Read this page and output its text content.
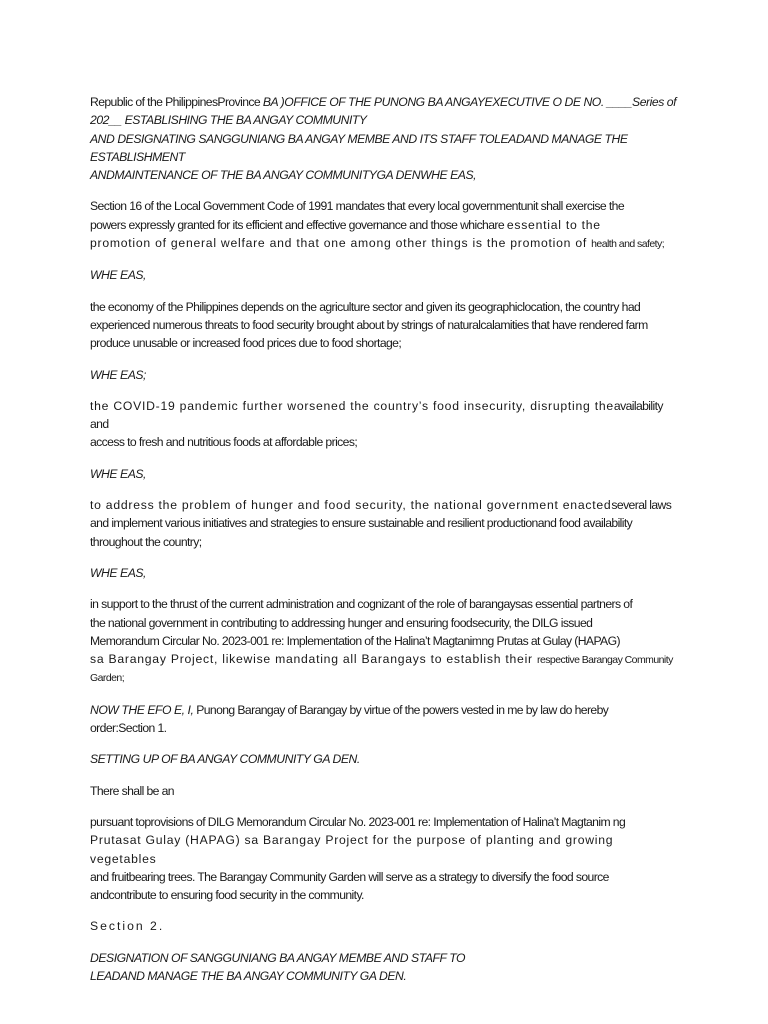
Republic of the PhilippinesProvince BA )OFFICE OF THE PUNONG BA ANGAYEXECUTIVE O DE NO. ____Series of

202__ ESTABLISHING THE BA ANGAY COMMUNITY

AND DESIGNATING SANGGUNIANG BA ANGAY MEMBE AND ITS STAFF TOLEADAND MANAGE THE ESTABLISHMENT

ANDMAINTENANCE OF THE BA ANGAY COMMUNITYGA DENWHE EAS,

Section 16 of the Local Government Code of 1991 mandates that every local governmentunit shall exercise the

powers expressly granted for its efficient and effective governance and those whichare essential to the

promotion of general welfare and that one among other things is the promotion of health and safety;

WHE EAS,

the economy of the Philippines depends on the agriculture sector and given its geographiclocation, the country had

experienced numerous threats to food security brought about by strings of naturalcalamities that have rendered farm

produce unusable or increased food prices due to food shortage;

WHE EAS;

the COVID-19 pandemic further worsened the country’s food insecurity, disrupting theavailability and

access to fresh and nutritious foods at affordable prices;

WHE EAS,

to address the problem of hunger and food security, the national government enactedseveral laws

and implement various initiatives and strategies to ensure sustainable and resilient productionand food availability

throughout the country;

WHE EAS,

in support to the thrust of the current administration and cognizant of the role of barangaysas essential partners of

the national government in contributing to addressing hunger and ensuring foodsecurity, the DILG issued

Memorandum Circular No. 2023-001 re: Implementation of the Halina’t Magtanimng Prutas at Gulay (HAPAG)

sa Barangay Project, likewise mandating all Barangays to establish their respective Barangay Community

Garden;

NOW THE EFO E, I, Punong Barangay of Barangay by virtue of the powers vested in me by law do hereby

order:Section 1.

SETTING UP OF BA ANGAY COMMUNITY GA DEN.

There shall be an

pursuant toprovisions of DILG Memorandum Circular No. 2023-001 re: Implementation of Halina’t Magtanim ng

Prutasat Gulay (HAPAG) sa Barangay Project for the purpose of planting and growing vegetables

and fruitbearing trees. The Barangay Community Garden will serve as a strategy to diversify the food source

andcontribute to ensuring food security in the community.

Section 2.

DESIGNATION OF SANGGUNIANG BA ANGAY MEMBE AND STAFF TO

LEADAND MANAGE THE BA ANGAY COMMUNITY GA DEN.
